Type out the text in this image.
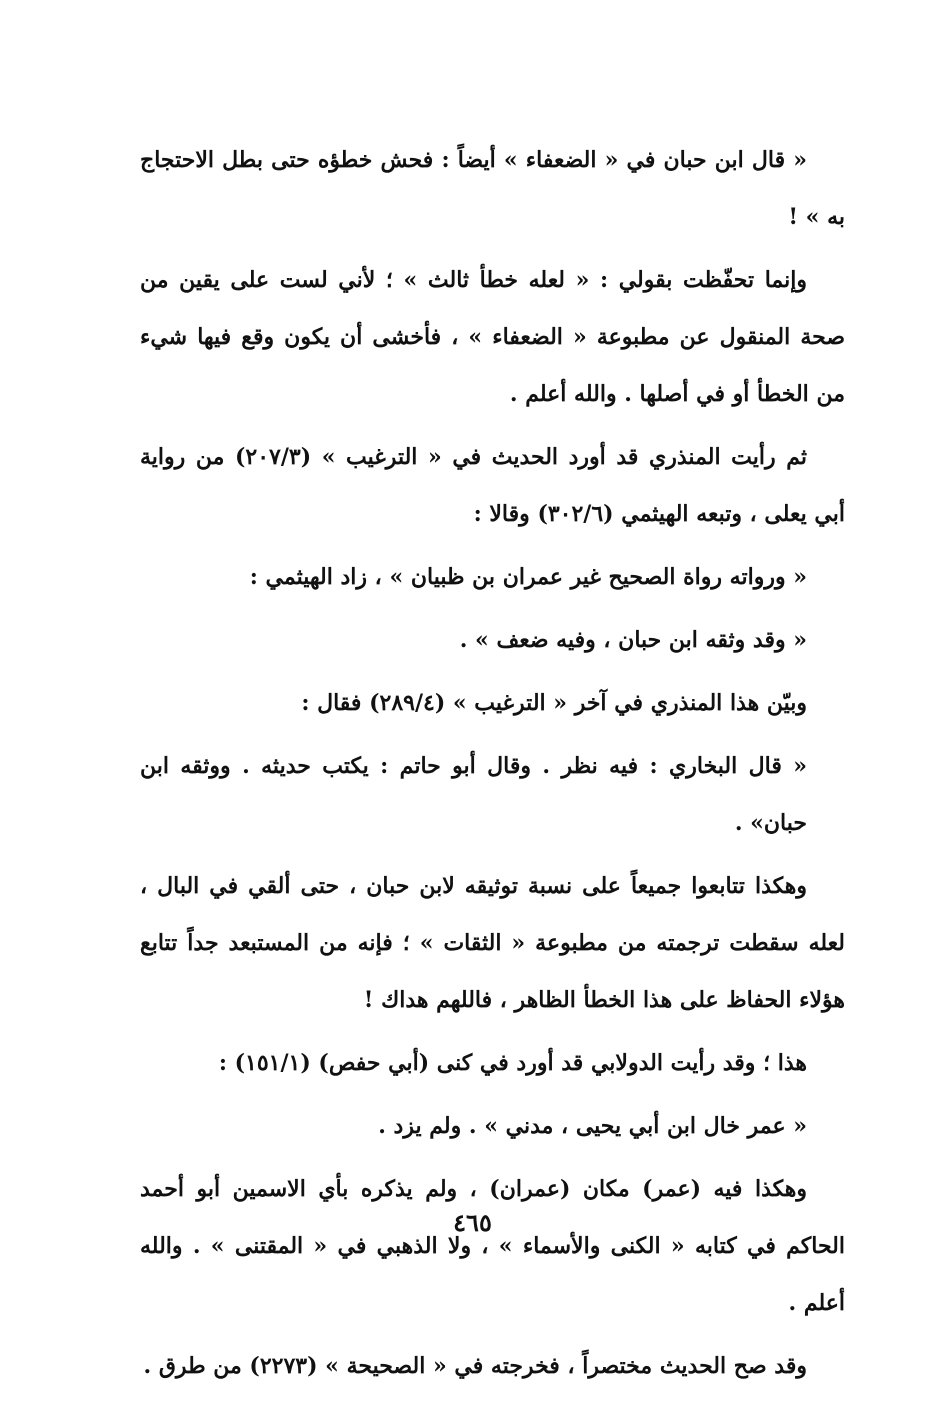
« قال ابن حبان في « الضعفاء » أيضاً : فحش خطؤه حتى بطل الاحتجاج به » !

وإنما تحفّظت بقولي : « لعله خطأ ثالث » ؛ لأني لست على يقين من صحة المنقول عن مطبوعة « الضعفاء » ، فأخشى أن يكون وقع فيها شيء من الخطأ أو في أصلها . والله أعلم .

ثم رأيت المنذري قد أورد الحديث في « الترغيب » (٢٠٧/٣) من رواية أبي يعلى ، وتبعه الهيثمي (٣٠٢/٦) وقالا :

« ورواته رواة الصحيح غير عمران بن ظبيان » ، زاد الهيثمي :

« وقد وثقه ابن حبان ، وفيه ضعف » .

وبيّن هذا المنذري في آخر « الترغيب » (٢٨٩/٤) فقال :

« قال البخاري : فيه نظر . وقال أبو حاتم : يكتب حديثه . ووثقه ابن حبان» .

وهكذا تتابعوا جميعاً على نسبة توثيقه لابن حبان ، حتى ألقي في البال ، لعله سقطت ترجمته من مطبوعة « الثقات » ؛ فإنه من المستبعد جداً تتابع هؤلاء الحفاظ على هذا الخطأ الظاهر ، فاللهم هداك !

هذا ؛ وقد رأيت الدولابي قد أورد في كنى (أبي حفص) (١٥١/١) :

« عمر خال ابن أبي يحيى ، مدني » . ولم يزد .

وهكذا فيه (عمر) مكان (عمران) ، ولم يذكره بأي الاسمين أبو أحمد الحاكم في كتابه « الكنى والأسماء » ، ولا الذهبي في « المقتنى » . والله أعلم .

وقد صح الحديث مختصراً ، فخرجته في « الصحيحة » (٢٢٧٣) من طرق .

٤٦٥
